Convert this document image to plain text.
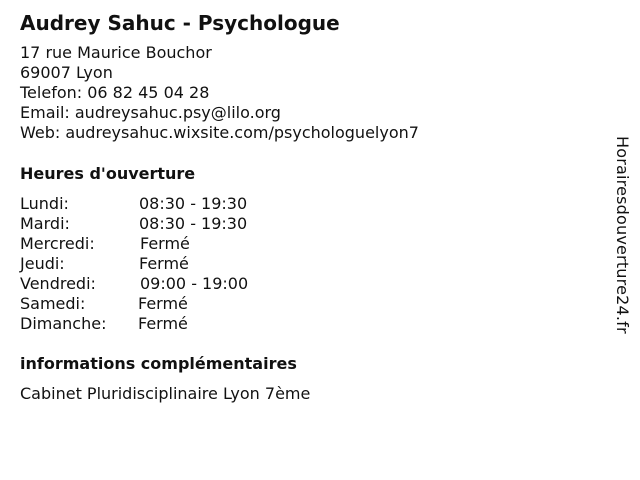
Audrey Sahuc - Psychologue
17 rue Maurice Bouchor
69007 Lyon
Telefon: 06 82 45 04 28
Email: audreysahuc.psy@lilo.org
Web: audreysahuc.wixsite.com/psychologuelyon7
Heures d'ouverture
Lundi:	08:30 - 19:30
Mardi:	08:30 - 19:30
Mercredi:	Fermé
Jeudi:	Fermé
Vendredi:	09:00 - 19:00
Samedi:	Fermé
Dimanche:	Fermé
informations complémentaires
Cabinet Pluridisciplinaire Lyon 7ème
Horairesdouverture24.fr
